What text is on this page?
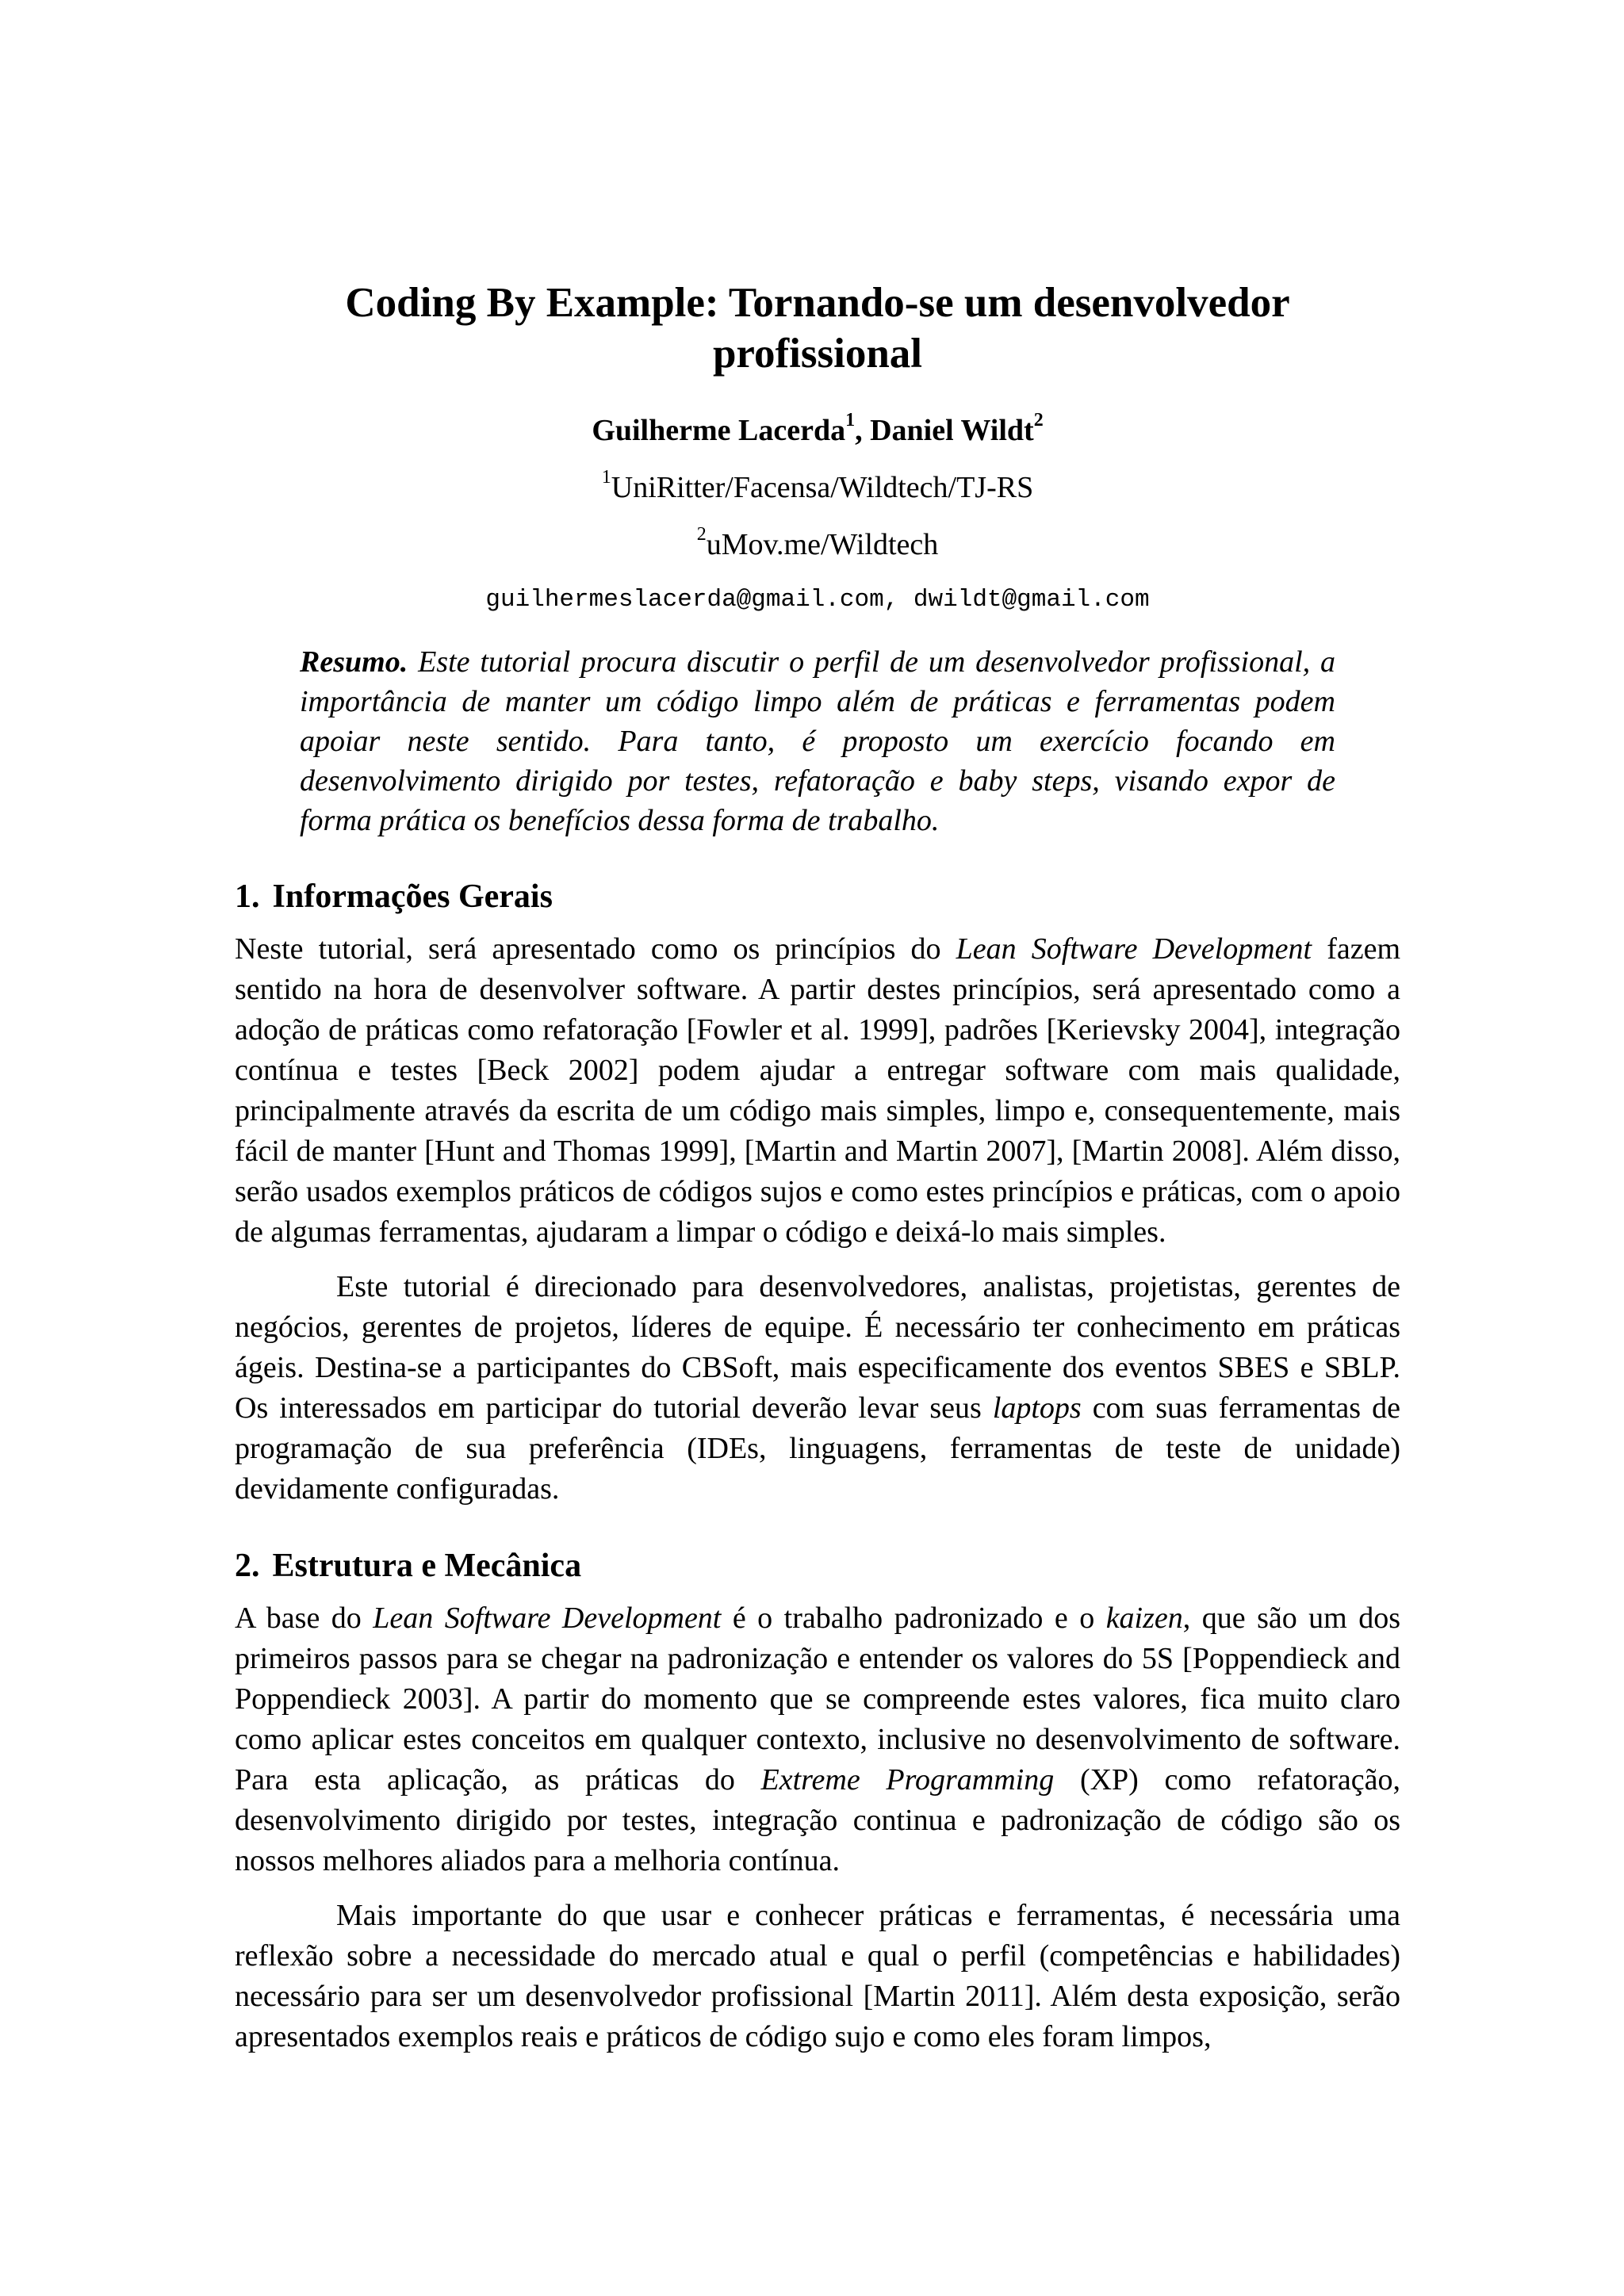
Coding By Example: Tornando-se um desenvolvedor
profissional
Guilherme Lacerda$^1$, Daniel Wildt$^2$
$^1$UniRitter/Facensa/Wildtech/TJ-RS
$^2$uMov.me/Wildtech
guilhermeslacerda@gmail.com, dwildt@gmail.com
Resumo. Este tutorial procura discutir o perfil de um desenvolvedor profissional, a importância de manter um código limpo além de práticas e ferramentas podem apoiar neste sentido. Para tanto, é proposto um exercício focando em desenvolvimento dirigido por testes, refatoração e baby steps, visando expor de forma prática os benefícios dessa forma de trabalho.
1. Informações Gerais

Neste tutorial, será apresentado como os princípios do Lean Software Development fazem sentido na hora de desenvolver software. A partir destes princípios, será apresentado como a adoção de práticas como refatoração [Fowler et al. 1999], padrões [Kerievsky 2004], integração contínua e testes [Beck 2002] podem ajudar a entregar software com mais qualidade, principalmente através da escrita de um código mais simples, limpo e, consequentemente, mais fácil de manter [Hunt and Thomas 1999], [Martin and Martin 2007], [Martin 2008]. Além disso, serão usados exemplos práticos de códigos sujos e como estes princípios e práticas, com o apoio de algumas ferramentas, ajudaram a limpar o código e deixá-lo mais simples.

Este tutorial é direcionado para desenvolvedores, analistas, projetistas, gerentes de negócios, gerentes de projetos, líderes de equipe. É necessário ter conhecimento em práticas ágeis. Destina-se a participantes do CBSoft, mais especificamente dos eventos SBES e SBLP. Os interessados em participar do tutorial deverão levar seus laptops com suas ferramentas de programação de sua preferência (IDEs, linguagens, ferramentas de teste de unidade) devidamente configuradas.

2. Estrutura e Mecânica

A base do Lean Software Development é o trabalho padronizado e o kaizen, que são um dos primeiros passos para se chegar na padronização e entender os valores do 5S [Poppendieck and Poppendieck 2003]. A partir do momento que se compreende estes valores, fica muito claro como aplicar estes conceitos em qualquer contexto, inclusive no desenvolvimento de software. Para esta aplicação, as práticas do Extreme Programming (XP) como refatoração, desenvolvimento dirigido por testes, integração continua e padronização de código são os nossos melhores aliados para a melhoria contínua.

Mais importante do que usar e conhecer práticas e ferramentas, é necessária uma reflexão sobre a necessidade do mercado atual e qual o perfil (competências e habilidades) necessário para ser um desenvolvedor profissional [Martin 2011]. Além desta exposição, serão apresentados exemplos reais e práticos de código sujo e como eles foram limpos,
